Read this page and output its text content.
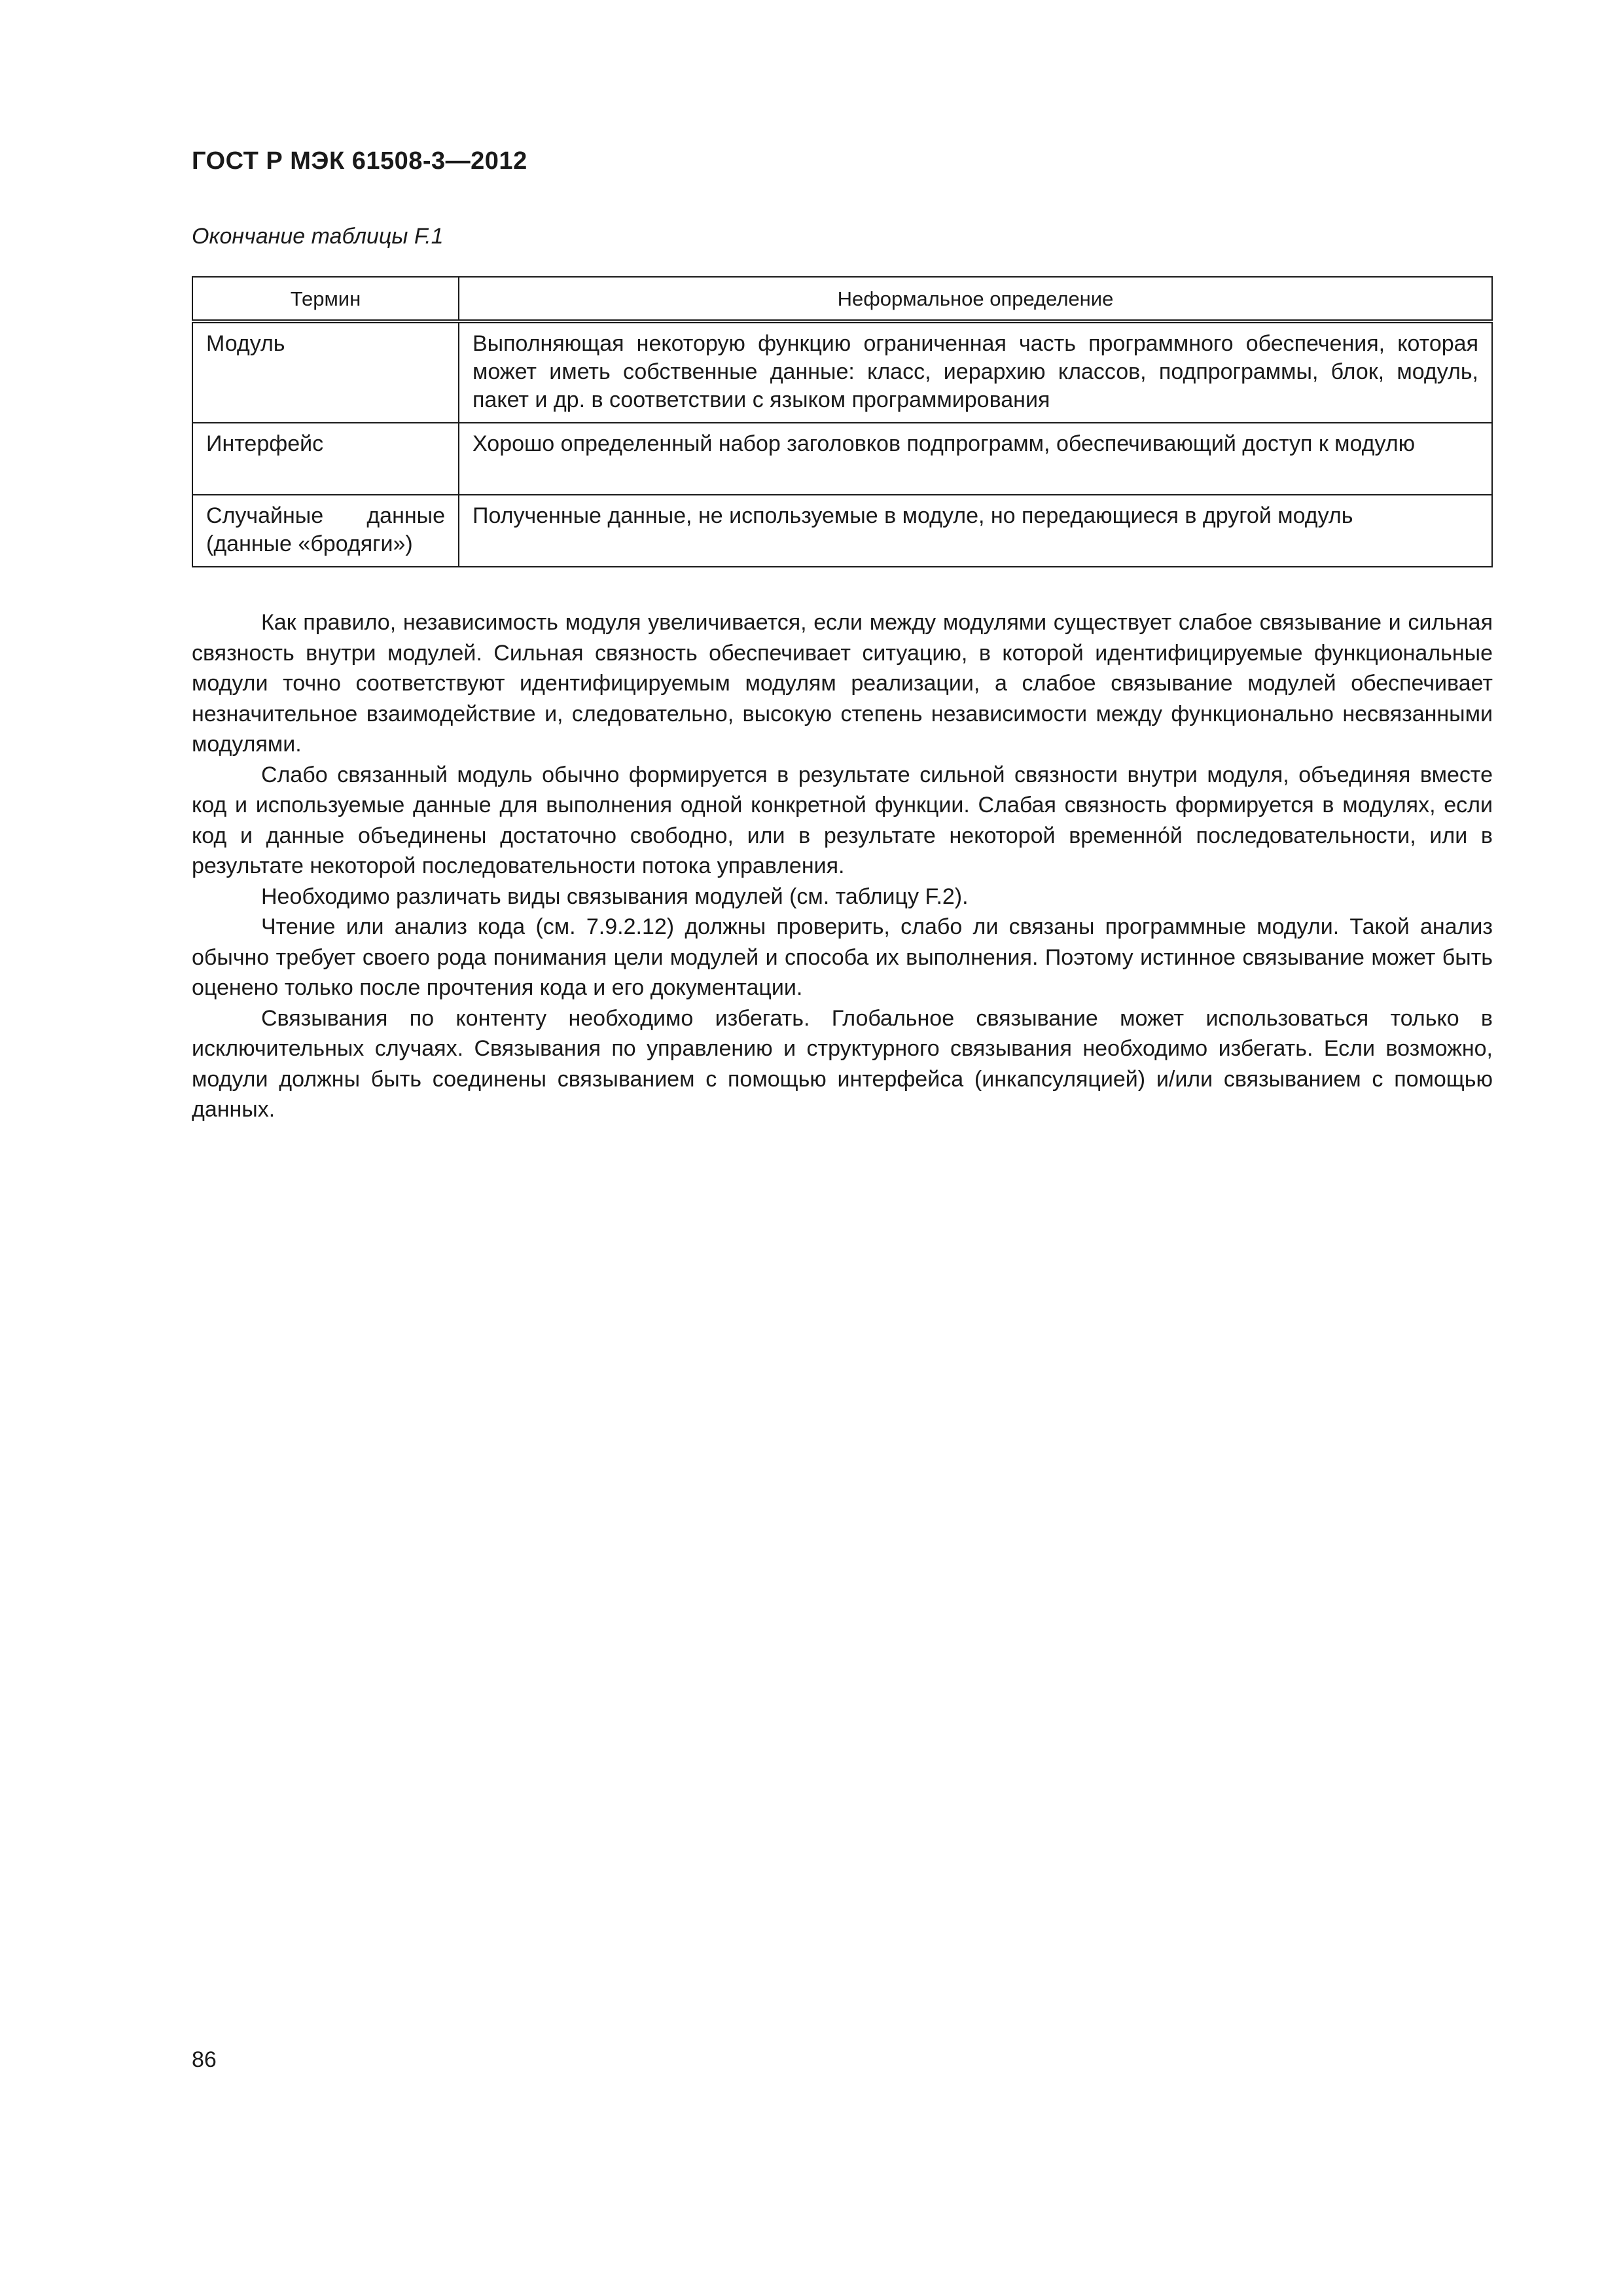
ГОСТ Р МЭК 61508-3—2012
Окончание таблицы F.1
Термин	Неформальное определение
Модуль	Выполняющая некоторую функцию ограниченная часть программного обеспечения, которая может иметь собственные данные: класс, иерархию классов, подпрограммы, блок, модуль, пакет и др. в соответствии с языком программирования
Интерфейс	Хорошо определенный набор заголовков подпрограмм, обеспечивающий доступ к модулю
Случайные данные (данные «бродяги»)	Полученные данные, не используемые в модуле, но передающиеся в другой модуль

Как правило, независимость модуля увеличивается, если между модулями существует слабое связывание и сильная связность внутри модулей. Сильная связность обеспечивает ситуацию, в которой идентифицируемые функциональные модули точно соответствуют идентифицируемым модулям реализации, а слабое связывание модулей обеспечивает незначительное взаимодействие и, следовательно, высокую степень независимости между функционально несвязанными модулями.

Слабо связанный модуль обычно формируется в результате сильной связности внутри модуля, объединяя вместе код и используемые данные для выполнения одной конкретной функции. Слабая связность формируется в модулях, если код и данные объединены достаточно свободно, или в результате некоторой временно́й последовательности, или в результате некоторой последовательности потока управления.

Необходимо различать виды связывания модулей (см. таблицу F.2).

Чтение или анализ кода (см. 7.9.2.12) должны проверить, слабо ли связаны программные модули. Такой анализ обычно требует своего рода понимания цели модулей и способа их выполнения. Поэтому истинное связывание может быть оценено только после прочтения кода и его документации.

Связывания по контенту необходимо избегать. Глобальное связывание может использоваться только в исключительных случаях. Связывания по управлению и структурного связывания необходимо избегать. Если возможно, модули должны быть соединены связыванием с помощью интерфейса (инкапсуляцией) и/или связыванием с помощью данных.

86
